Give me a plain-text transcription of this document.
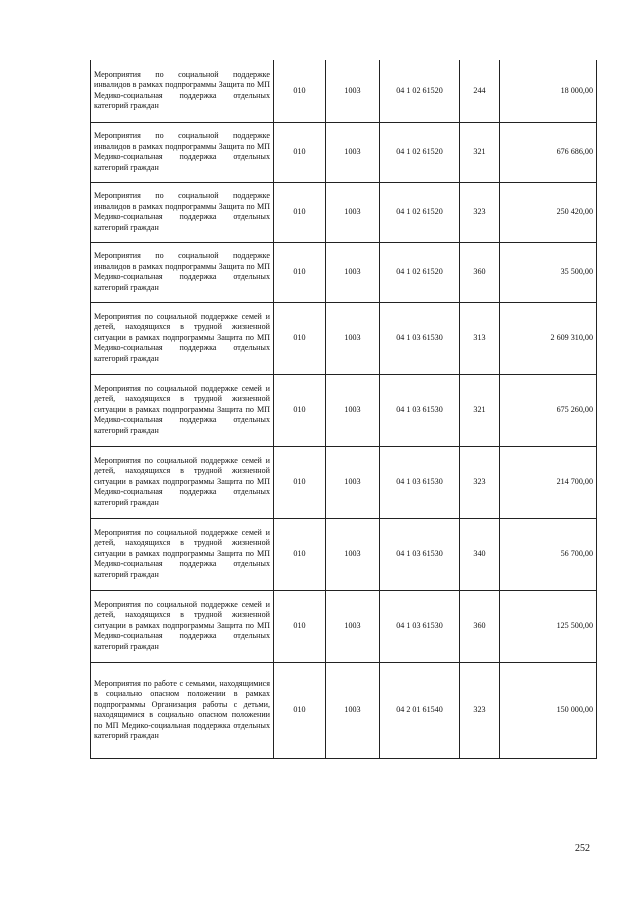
Мероприятия по социальной поддержке инвалидов в рамках подпрограммы Защита по МП Медико-социальная поддержка отдельных категорий граждан	010	1003	04 1 02 61520	244	18 000,00
Мероприятия по социальной поддержке инвалидов в рамках подпрограммы Защита по МП Медико-социальная поддержка отдельных категорий граждан	010	1003	04 1 02 61520	321	676 686,00
Мероприятия по социальной поддержке инвалидов в рамках подпрограммы Защита по МП Медико-социальная поддержка отдельных категорий граждан	010	1003	04 1 02 61520	323	250 420,00
Мероприятия по социальной поддержке инвалидов в рамках подпрограммы Защита по МП Медико-социальная поддержка отдельных категорий граждан	010	1003	04 1 02 61520	360	35 500,00
Мероприятия по социальной поддержке семей и детей, находящихся в трудной жизненной ситуации в рамках подпрограммы Защита по МП Медико-социальная поддержка отдельных категорий граждан	010	1003	04 1 03 61530	313	2 609 310,00
Мероприятия по социальной поддержке семей и детей, находящихся в трудной жизненной ситуации в рамках подпрограммы Защита по МП Медико-социальная поддержка отдельных категорий граждан	010	1003	04 1 03 61530	321	675 260,00
Мероприятия по социальной поддержке семей и детей, находящихся в трудной жизненной ситуации в рамках подпрограммы Защита по МП Медико-социальная поддержка отдельных категорий граждан	010	1003	04 1 03 61530	323	214 700,00
Мероприятия по социальной поддержке семей и детей, находящихся в трудной жизненной ситуации в рамках подпрограммы Защита по МП Медико-социальная поддержка отдельных категорий граждан	010	1003	04 1 03 61530	340	56 700,00
Мероприятия по социальной поддержке семей и детей, находящихся в трудной жизненной ситуации в рамках подпрограммы Защита по МП Медико-социальная поддержка отдельных категорий граждан	010	1003	04 1 03 61530	360	125 500,00
Мероприятия по работе с семьями, находящимися в социально опасном положении в рамках подпрограммы Организация работы с детьми, находящимися в социально опасном положении по МП Медико-социальная поддержка отдельных категорий граждан	010	1003	04 2 01 61540	323	150 000,00
252
